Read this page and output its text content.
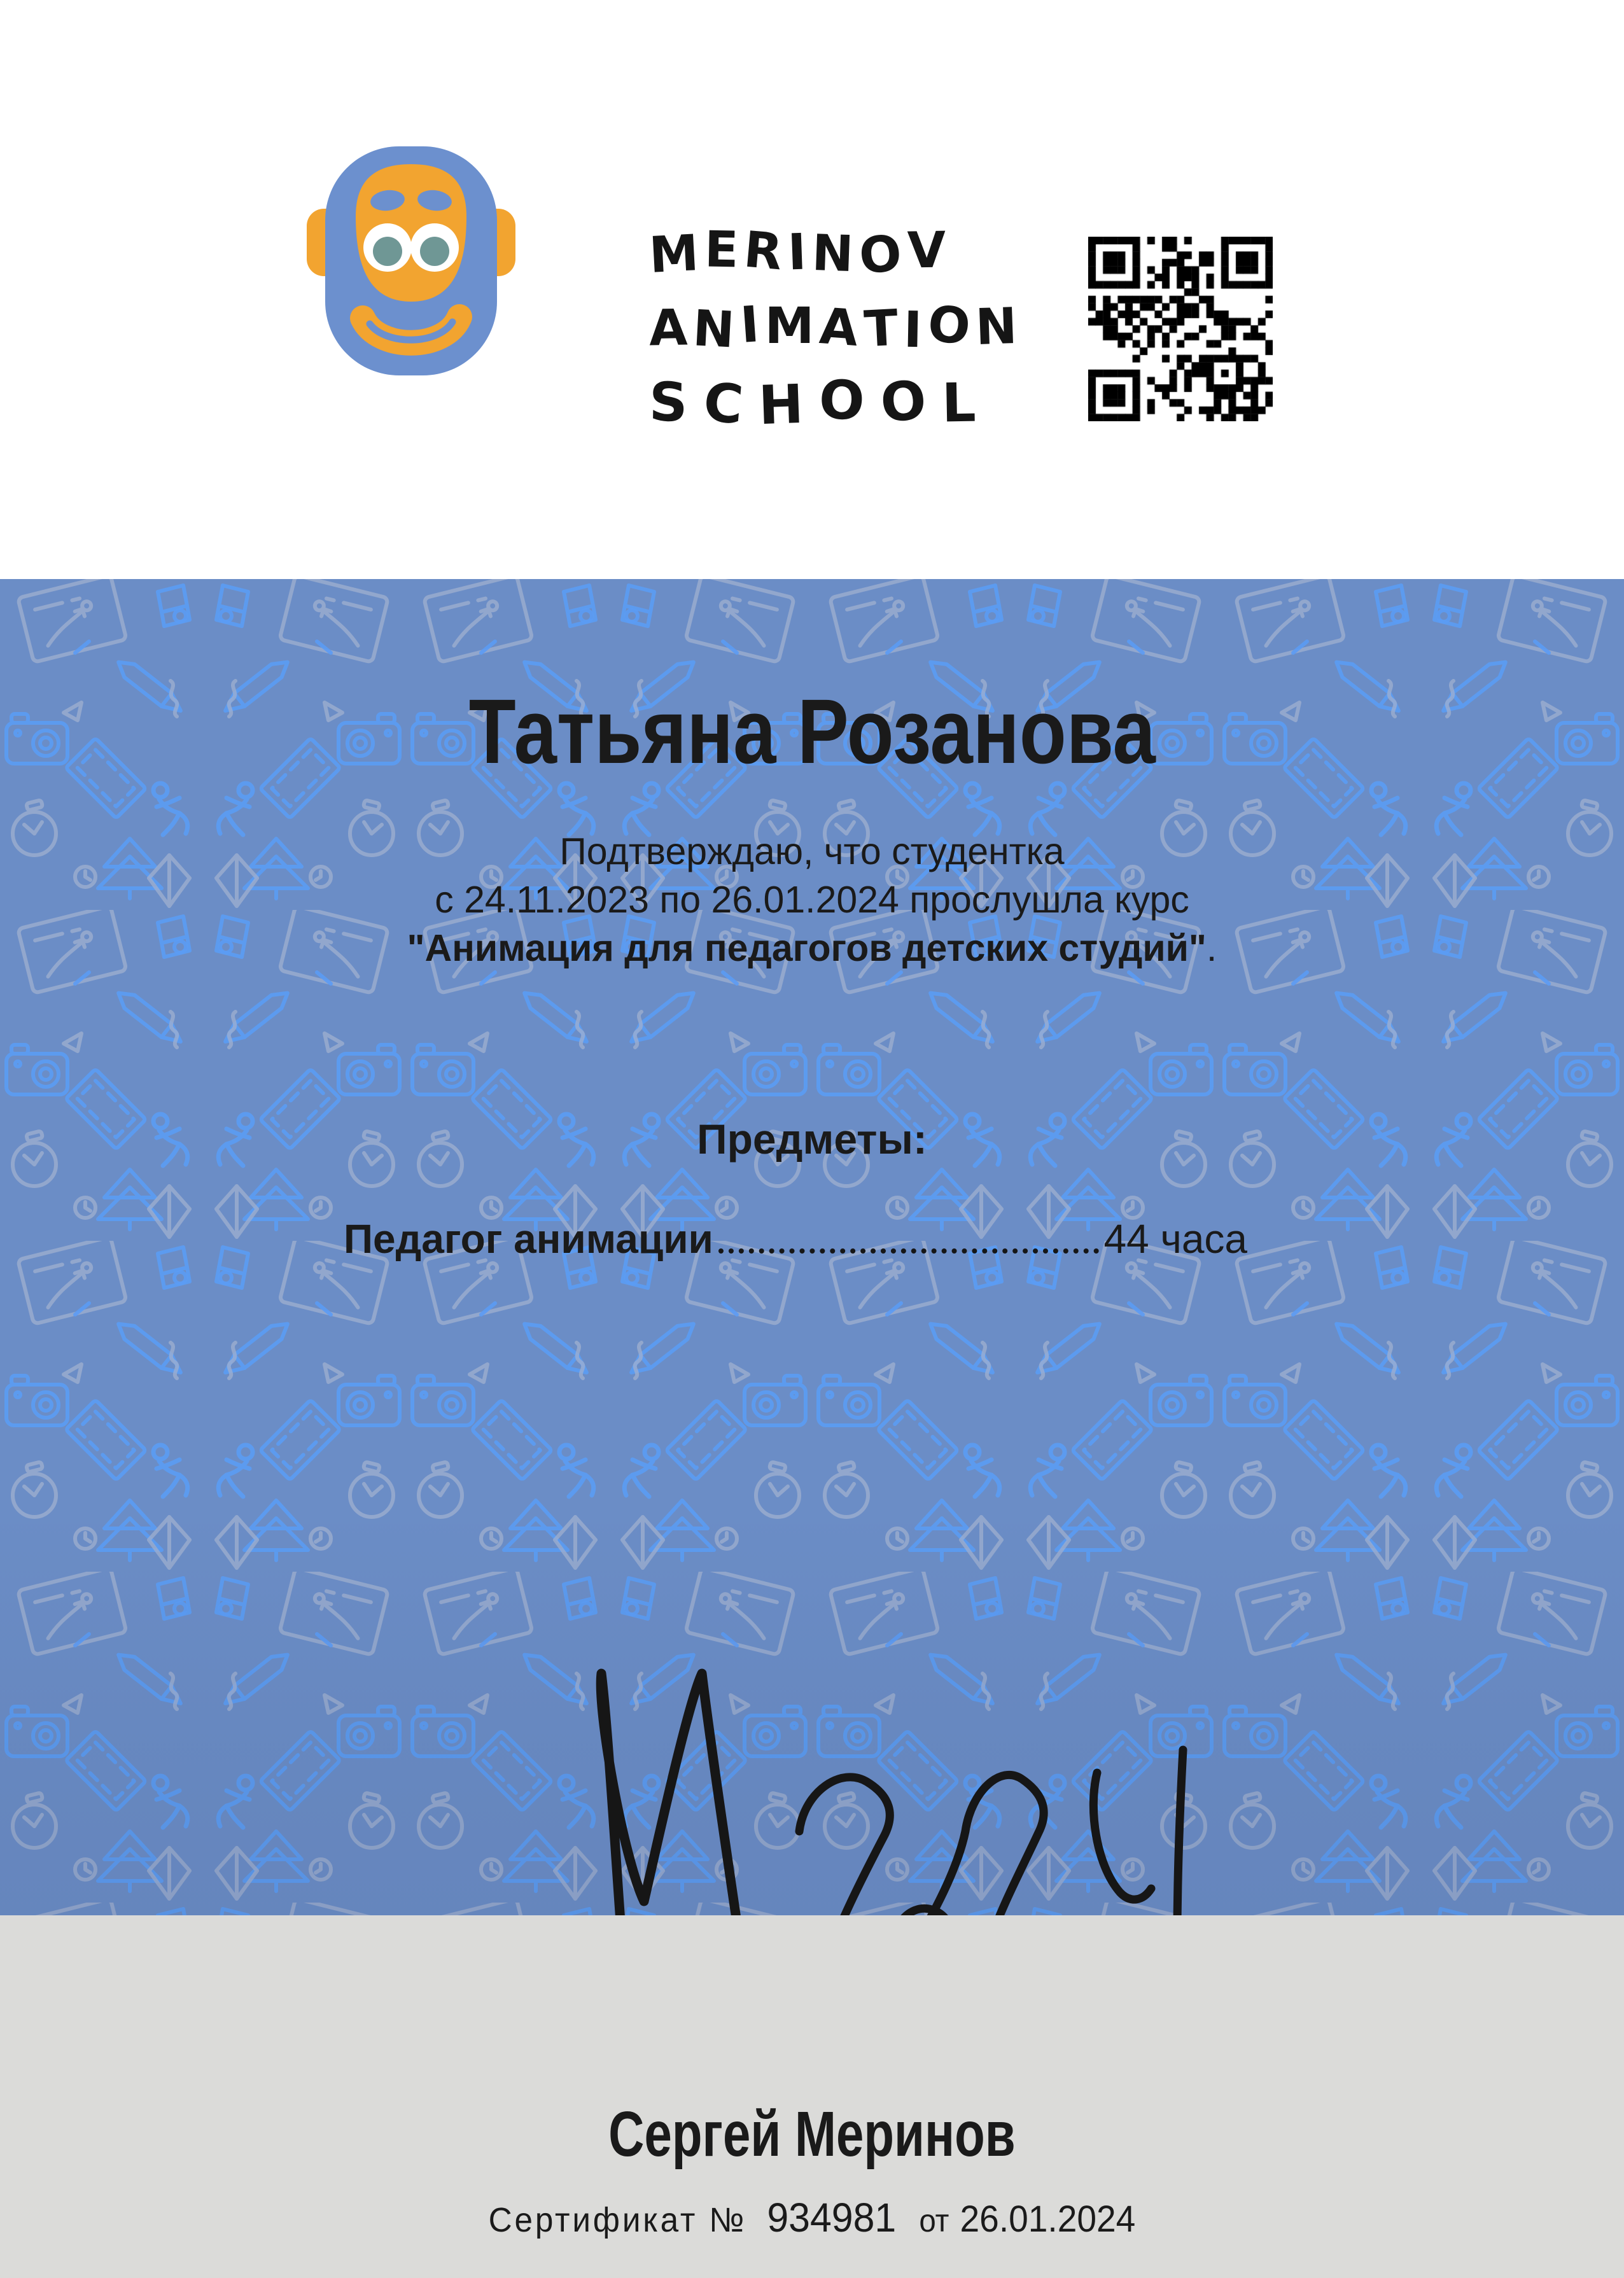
MERINOV
ANIMATION
S C H O O L
Татьяна Розанова
Подтверждаю, что студентка
с 24.11.2023 по 26.01.2024 прослушла курс
"Анимация для педагогов детских студий".
Предметы:
Педагог анимации	44 часа
Сергей Меринов
Сертификат № 934981 от 26.01.2024
